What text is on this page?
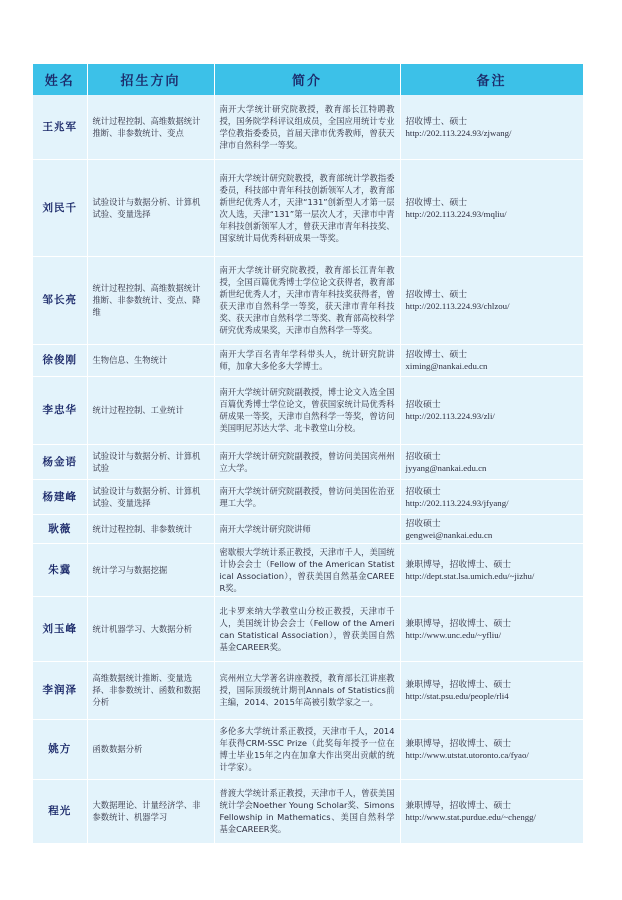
姓名	招生方向	简介	备注
王兆军	统计过程控制、高维数据统计推断、非参数统计、变点	南开大学统计研究院教授，教育部长江特聘教授，国务院学科评议组成员，全国应用统计专业学位教指委委员，首届天津市优秀教师，曾获天津市自然科学一等奖。	招收博士、硕士
http://202.113.224.93/zjwang/

刘民千	试验设计与数据分析、计算机试验、变量选择	南开大学统计研究院教授，教育部统计学教指委委员，科技部中青年科技创新领军人才，教育部新世纪优秀人才，天津“131”创新型人才第一层次人选，天津“131”第一层次人才，天津市中青年科技创新领军人才，曾获天津市青年科技奖、国家统计局优秀科研成果一等奖。	招收博士、硕士
http://202.113.224.93/mqliu/

邹长亮	统计过程控制、高维数据统计推断、非参数统计、变点、降维	南开大学统计研究院教授，教育部长江青年教授，全国百篇优秀博士学位论文获得者，教育部新世纪优秀人才，天津市青年科技奖获得者，曾获天津市自然科学一等奖，获天津市青年科技奖、获天津市自然科学二等奖、教育部高校科学研究优秀成果奖，天津市自然科学一等奖。	招收博士、硕士
http://202.113.224.93/chlzou/

徐俊刚	生物信息、生物统计	南开大学百名青年学科带头人，统计研究院讲师，加拿大多伦多大学博士。	招收博士、硕士
ximing@nankai.edu.cn

李忠华	统计过程控制、工业统计	南开大学统计研究院副教授，博士论文入选全国百篇优秀博士学位论文，曾获国家统计局优秀科研成果一等奖，天津市自然科学一等奖，曾访问美国明尼苏达大学、北卡教堂山分校。	招收硕士
http://202.113.224.93/zli/

杨金语	试验设计与数据分析、计算机试验	南开大学统计研究院副教授，曾访问美国宾州州立大学。	招收硕士
jyyang@nankai.edu.cn

杨建峰	试验设计与数据分析、计算机试验、变量选择	南开大学统计研究院副教授，曾访问美国佐治亚理工大学。	招收硕士
http://202.113.224.93/jfyang/

耿薇	统计过程控制、非参数统计	南开大学统计研究院讲师	招收硕士
gengwei@nankai.edu.cn

朱冀	统计学习与数据挖掘	密歇根大学统计系正教授，天津市千人，美国统计协会会士（Fellow of the American Statistical Association），曾获美国自然基金CAREER奖。	兼职博导，招收博士、硕士
http://dept.stat.lsa.umich.edu/~jizhu/

刘玉峰	统计机器学习、大数据分析	北卡罗来纳大学教堂山分校正教授，天津市千人，美国统计协会会士（Fellow of the American Statistical Association），曾获美国自然基金CAREER奖。	兼职博导，招收博士、硕士
http://www.unc.edu/~yfliu/

李润泽	高维数据统计推断、变量选择、非参数统计、函数和数据分析	宾州州立大学著名讲座教授，教育部长江讲座教授，国际顶级统计期刊Annals of Statistics前主编，2014、2015年高被引数学家之一。	兼职博导，招收博士、硕士
http://stat.psu.edu/people/rli4

姚方	函数数据分析	多伦多大学统计系正教授，天津市千人，2014年获得CRM-SSC Prize（此奖每年授予一位在博士毕业15年之内在加拿大作出突出贡献的统计学家）。	兼职博导，招收博士、硕士
http://www.utstat.utoronto.ca/fyao/

程光	大数据理论、计量经济学、非参数统计、机器学习	普渡大学统计系正教授，天津市千人，曾获美国统计学会Noether Young Scholar奖、Simons Fellowship in Mathematics、美国自然科学基金CAREER奖。	兼职博导，招收博士、硕士
http://www.stat.purdue.edu/~chengg/
